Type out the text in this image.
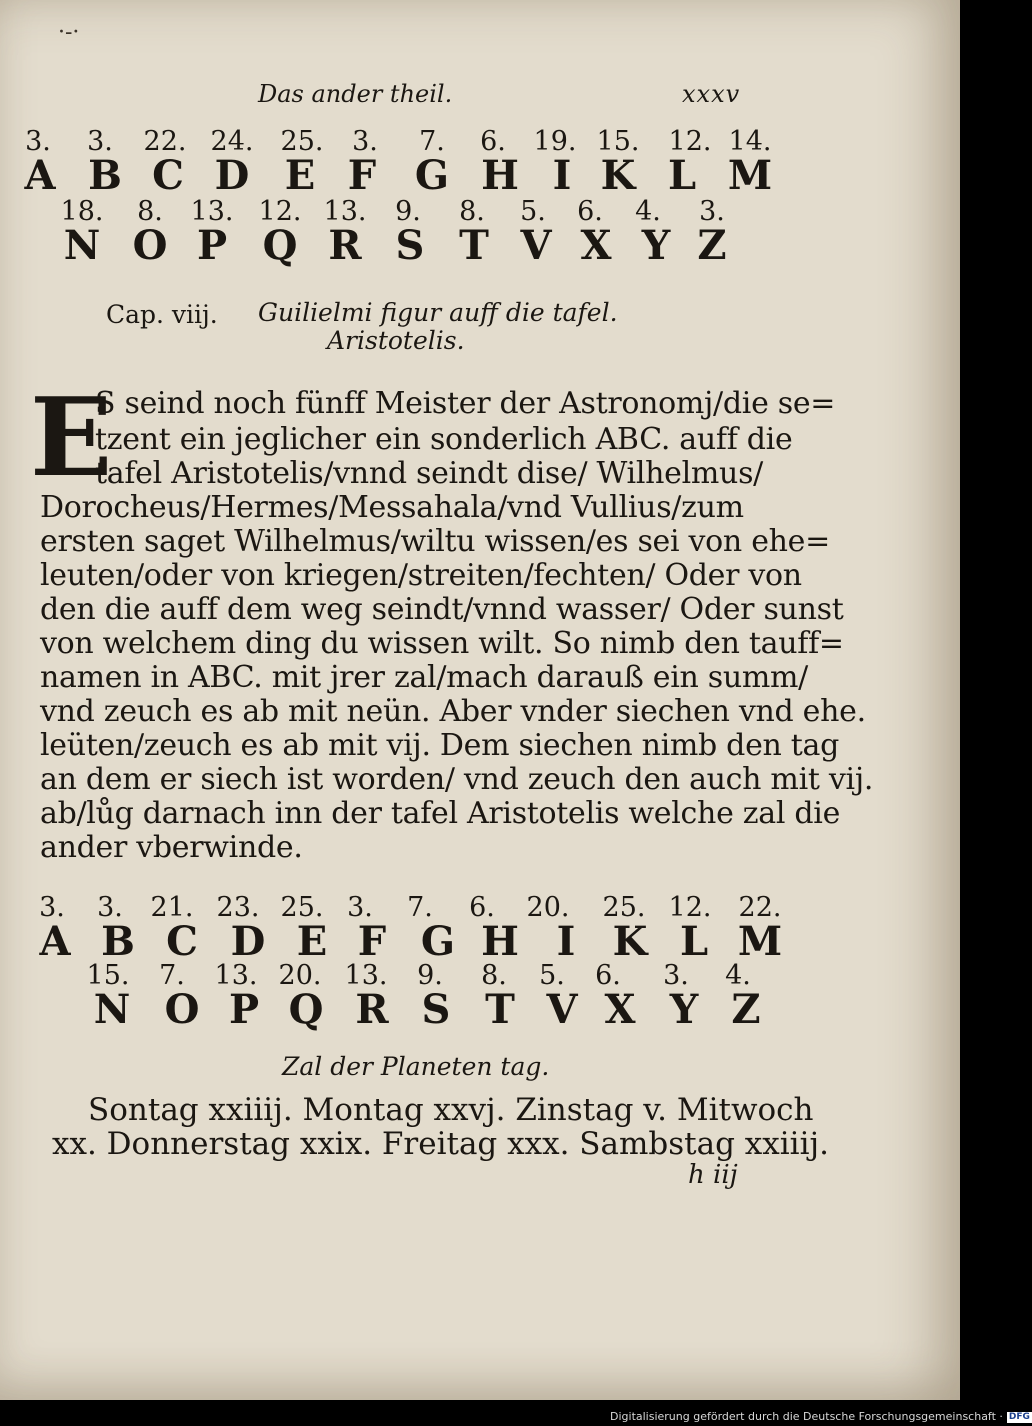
·-·
Das ander theil.	xxxv
3. 3. 22. 24. 25. 3. 7. 6. 19. 15. 12. 14.
A B C D E F G H I K L M
18. 8. 13. 12. 13. 9. 8. 5. 6. 4. 3.
N O P Q R S T V X Y Z
Cap. viij. Guilielmi figur auff die tafel.
Aristotelis.
E
S seind noch fünff Meister der Astronomj/die se=
tzent ein jeglicher ein sonderlich ABC. auff die
tafel Aristotelis/vnnd seindt dise/ Wilhelmus/
Dorocheus/Hermes/Messahala/vnd Vullius/zum
ersten saget Wilhelmus/wiltu wissen/es sei von ehe=
leuten/oder von kriegen/streiten/fechten/ Oder von
den die auff dem weg seindt/vnnd wasser/ Oder sunst
von welchem ding du wissen wilt. So nimb den tauff=
namen in ABC. mit jrer zal/mach darauß ein summ/
vnd zeuch es ab mit neün. Aber vnder siechen vnd ehe.
leüten/zeuch es ab mit vij. Dem siechen nimb den tag
an dem er siech ist worden/ vnd zeuch den auch mit vij.
ab/lůg darnach inn der tafel Aristotelis welche zal die
ander vberwinde.
3. 3. 21. 23. 25. 3. 7. 6. 20. 25. 12. 22.
A B C D E F G H I K L M
15. 7. 13. 20. 13. 9. 8. 5. 6. 3. 4.
N O P Q R S T V X Y Z
Zal der Planeten tag.
Sontag xxiiij. Montag xxvj. Zinstag v. Mitwoch
xx. Donnerstag xxix. Freitag xxx. Sambstag xxiiij.
h iij
Digitalisierung gefördert durch die Deutsche Forschungsgemeinschaft · DFG
